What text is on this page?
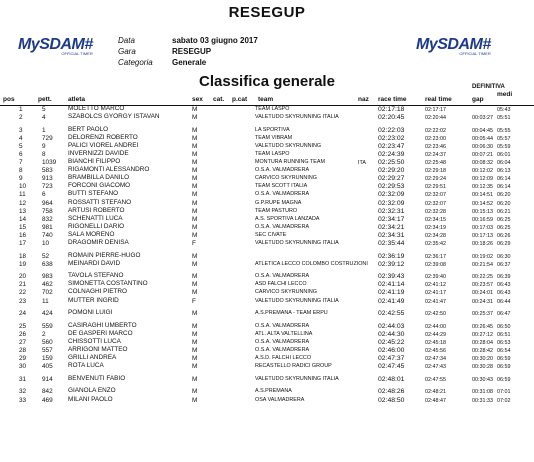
RESEGUP
MySDAM#
OFFICIAL TIMER
Data	sabato 03 giugno 2017
Gara	RESEGUP
Categoria	Generale
MySDAM#
OFFICIAL TIMER
Classifica generale	DEFINITIVA
pos	pett.	atleta	sex cat. p.cat team	naz race time	real time	gap
medi
1	5	MOLETTO MARCO	M	TEAM LASPO	02:17:18	02:17:17	05:43
2	4	SZABOLCS GYORGY ISTAVAN	M	VALETUDO SKYRUNNING ITALIA	02:20:45	02:20:44	00:03:27 05:51
3	1	BERT PAOLO	M	LA SPORTIVA	02:22:03	02:22:02	00:04:45 05:55
4	729 DELORENZI ROBERTO	M	TEAM VIBRAM	02:23:02	02:23:00	00:05:44 05:57
5	9	PALICI VIOREL ANDREI	M	VALETUDO SKYRUNNING	02:23:47	02:23:46	00:06:30 05:59
6	8	INVERNIZZI DAVIDE	M	TEAM LASPO	02:24:39	02:24:37	00:07:21 06:01
7	1039 BIANCHI FILIPPO	M	MONTURA RUNNING TEAM	ITA 02:25:50	02:25:48	00:08:32 06:04
8	583 RIGAMONTI ALESSANDRO	M	O.S.A. VALMADRERA	02:29:20	02:29:18	00:12:02 06:13
9	913 BRAMBILLA DANILO	M	CARVICO SKYRUNNING	02:29:27	02:29:24	00:12:09 06:14
10 723 FORCONI GIACOMO	M	TEAM SCOTT ITALIA	02:29:53	02:29:51	00:12:35 06:14
11	6	BUTTI STEFANO	M	O.S.A. VALMADRERA	02:32:09	02:32:07	00:14:51 06:20
12 964 ROSSATTI STEFANO	M	G.P.RUPE MAGNA	02:32:09	02:32:07	00:14:52 06:20
13 758 ARTUSI ROBERTO	M	TEAM PASTURO	02:32:31	02:32:28	00:15:13 06:21
14 832 SCHENATTI LUCA	M	A.S. SPORTIVA LANZADA	02:34:17	02:34:15	00:16:59 06:25
15 981 RIGONELLI DARIO	M	O.S.A. VALMADRERA	02:34:21	02:34:19	00:17:03 06:25
16 740 SALA MORENO	M	SEC CIVATE	02:34:31	02:34:28	00:17:13 06:26
17 10	DRAGOMIR DENISA	F	VALETUDO SKYRUNNING ITALIA	02:35:44	02:35:42	00:18:26 06:29
18 52	ROMAIN PIERRE-HUGO	M	02:36:19	02:36:17	00:19:02 06:30
19 638 MEINARDI DAVID	M	ATLETICA LECCO COLOMBO COSTRUZIONI	02:39:12	02:39:08	00:21:54 06:37
20 983 TAVOLA STEFANO	M	O.S.A. VALMADRERA	02:39:43	02:39:40	00:22:25 06:39
21 462 SIMONETTA COSTANTINO	M	ASD FALCHI LECCO	02:41:14	02:41:12	00:23:57 06:43
22 702 COLNAGHI PIETRO	M	CARVICO SKYRUNNING	02:41:19	02:41:17	00:24:01 06:43
23 11	MUTTER INGRID	F	VALETUDO SKYRUNNING ITALIA	02:41:49	02:41:47	00:24:31 06:44
24 424 POMONI LUIGI	M	A.S.PREMANA - TEAM ERPU	02:42:55	02:42:50	00:25:37 06:47
25 559 CASIRAGHI UMBERTO	M	O.S.A. VALMADRERA	02:44:03	02:44:00	00:26:45 06:50
26 2	DE GASPERI MARCO	M	ATL. ALTA VALTELLINA	02:44:30	02:44:29	00:27:12 06:51
27 560 CHISSOTTI LUCA	M	O.S.A. VALMADRERA	02:45:22	02:45:18	00:28:04 06:53
28 557 ARRIGONI MATTEO	M	O.S.A. VALMADRERA	02:46:00	02:45:56	00:28:42 06:54
29 159 GRILLI ANDREA	M	A.S.D. FALCHI LECCO	02:47:37	02:47:34	00:30:20 06:59
30 405 ROTA LUCA	M	RECASTELLO RADICI GROUP	02:47:45	02:47:43	00:30:28 06:59
31 914 BENVENUTI FABIO	M	VALETUDO SKYRUNNING ITALIA	02:48:01	02:47:55	00:30:43 06:59
32 842 GIANOLA ENZO	M	A.S.PREMANA	02:48:26	02:48:21	00:31:08 07:01
33 469 MILANI PAOLO	M	OSA VALMADRERA	02:48:50	02:48:47	00:31:33 07:02
